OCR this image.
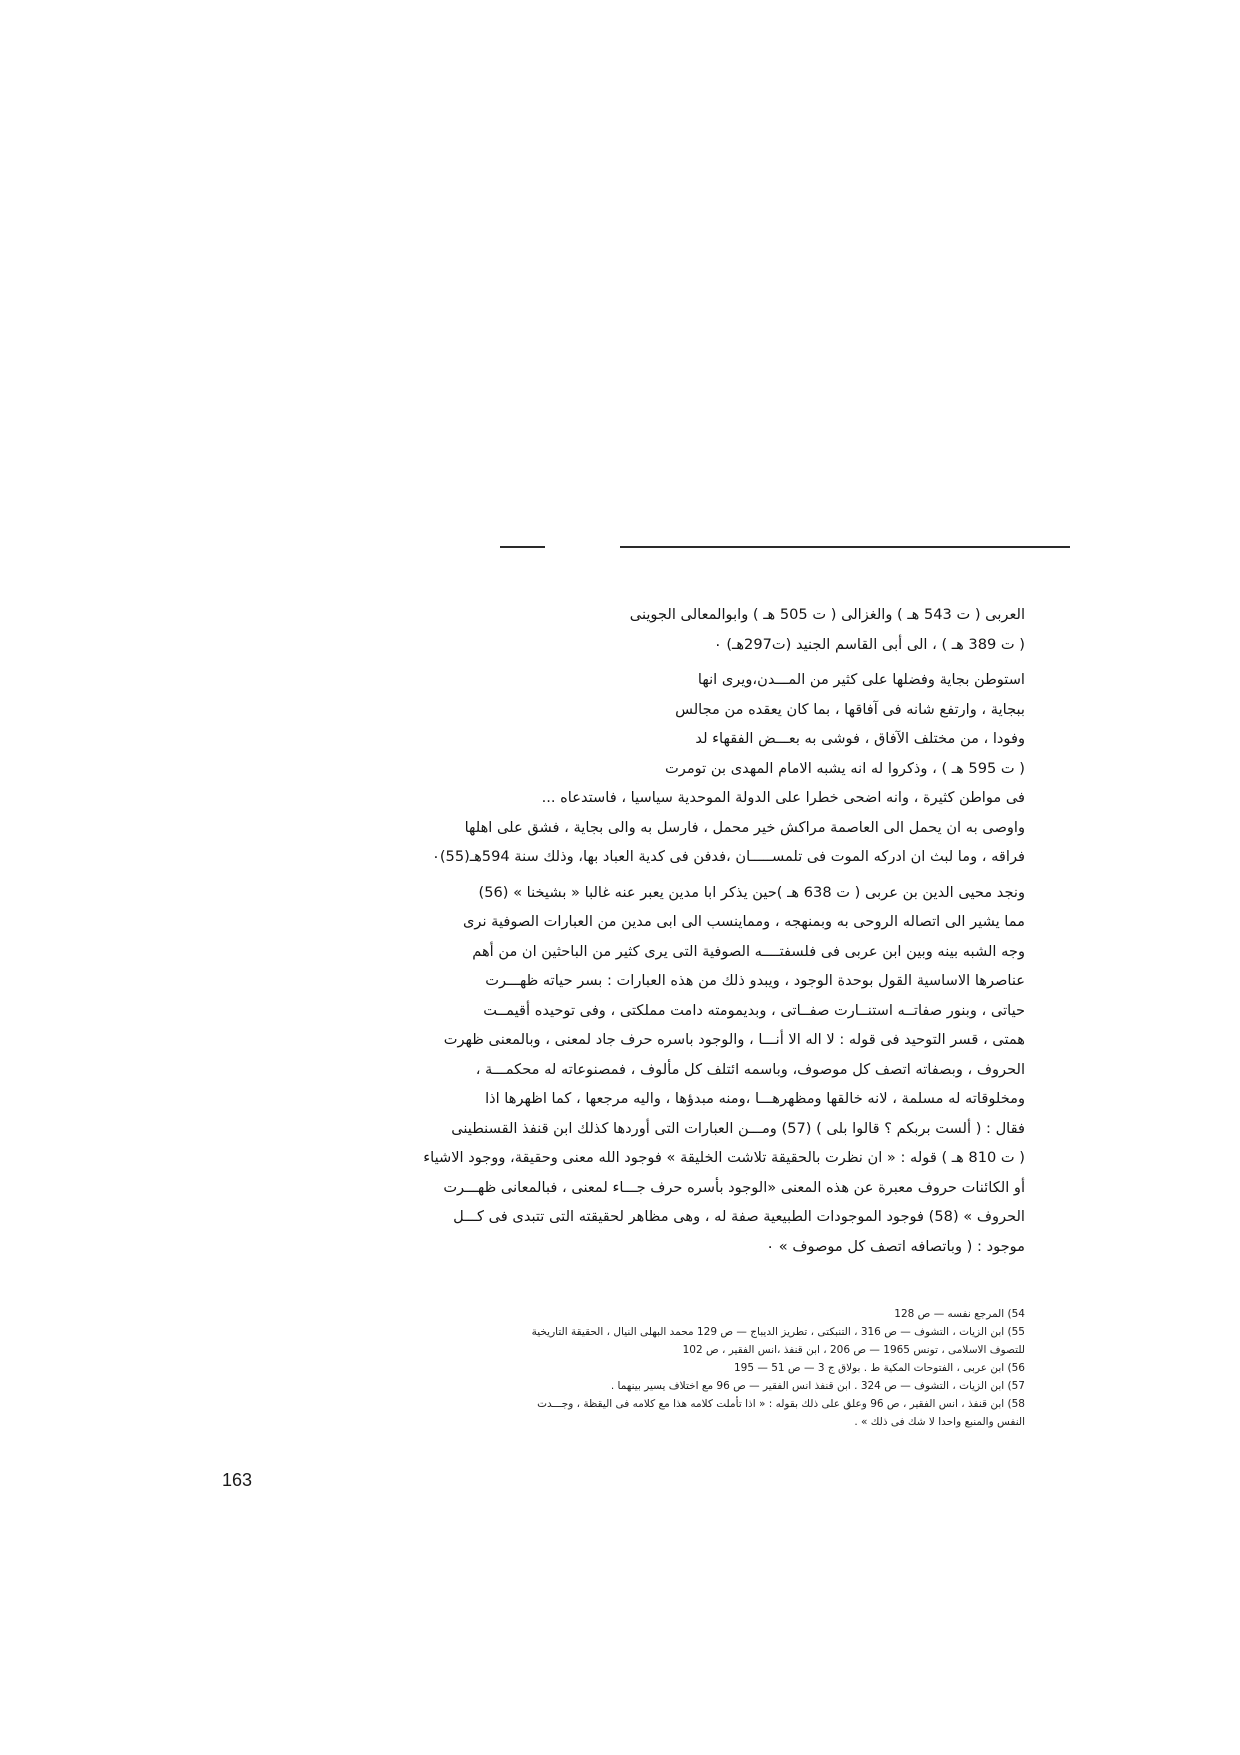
العربى ( ت 543 هـ ) والغزالى ( ت 505 هـ ) وابوالمعالى الجوينى
( ت 389 هـ ) ، الى أبى القاسم الجنيد (ت297هـ) ٠
استوطن بجاية وفضلها على كثير من المـــدن،ويرى انها
ببجاية ، وارتفع شانه فى آفاقها ، بما كان يعقده من مجالس
وفودا ، من مختلف الآفاق ، فوشى به بعـــض الفقهاء لد
( ت 595 هـ ) ، وذكروا له انه يشبه الامام المهدى بن تومرت
فى مواطن كثيرة ، وانه اضحى خطرا على الدولة الموحدية سياسيا ، فاستدعاه ...
واوصى به ان يحمل الى العاصمة مراكش خير محمل ، فارسل به والى بجاية ، فشق على اهلها
فراقه ، وما لبث ان ادركه الموت فى تلمســـــان ،فدفن فى كدية العباد بها، وذلك سنة 594هـ(55)٠
ونجد محيى الدين بن عربى ( ت 638 هـ )حين يذكر ابا مدين يعبر عنه غالبا « بشيخنا » (56)
مما يشير الى اتصاله الروحى به وبمنهجه ، ومماينسب الى ابى مدين من العبارات الصوفية نرى
وجه الشبه بينه وبين ابن عربى فى فلسفتــــه الصوفية التى يرى كثير من الباحثين ان من أهم
عناصرها الاساسية القول بوحدة الوجود ، ويبدو ذلك من هذه العبارات : بسر حياته ظهـــرت
حياتى ، وبنور صفاتــه استنــارت صفــاتى ، وبديمومته دامت مملكتى ، وفى توحيده أقيمــت
همتى ، قسر التوحيد فى قوله : لا اله الا أنـــا ، والوجود باسره حرف جاد لمعنى ، وبالمعنى ظهرت
الحروف ، وبصفاته اتصف كل موصوف، وباسمه ائتلف كل مألوف ، فمصنوعاته له محكمـــة ،
ومخلوقاته له مسلمة ، لانه خالقها ومظهرهـــا ،ومنه مبدؤها ، واليه مرجعها ، كما اظهرها اذا
فقال : ( ألست بربكم ؟ قالوا بلى ) (57) ومـــن العبارات التى أوردها كذلك ابن قنفذ القسنطينى
( ت 810 هـ ) قوله : « ان نظرت بالحقيقة تلاشت الخليقة » فوجود الله معنى وحقيقة، ووجود الاشياء
أو الكائنات حروف معبرة عن هذه المعنى «الوجود بأسره حرف جـــاء لمعنى ، فبالمعانى ظهـــرت
الحروف » (58) فوجود الموجودات الطبيعية صفة له ، وهى مظاهر لحقيقته التى تتبدى فى كـــل
موجود : ( وباتصافه اتصف كل موصوف » ٠
54) المرجع نفسه — ص 128
55) ابن الزيات ، التشوف — ص 316 ، التنبكتى ، تطريز الديباج — ص 129 محمد البهلى النيال ، الحقيقة التاريخية
للتصوف الاسلامى ، تونس 1965 — ص 206 ، ابن قنفذ ،انس الفقير ، ص 102
56) ابن عربى ، الفتوحات المكية ط . بولاق ج 3 — ص 51 — 195
57) ابن الزيات ، التشوف — ص 324 . ابن قنفذ انس الفقير — ص 96 مع اختلاف يسير بينهما .
58) ابن قنفذ ، انس الفقير ، ص 96 وعلق على ذلك بقوله : « اذا تأملت كلامه هذا مع كلامه فى اليقظة ، وجـــدت
النفس والمنبع واحدا لا شك فى ذلك » .
163
